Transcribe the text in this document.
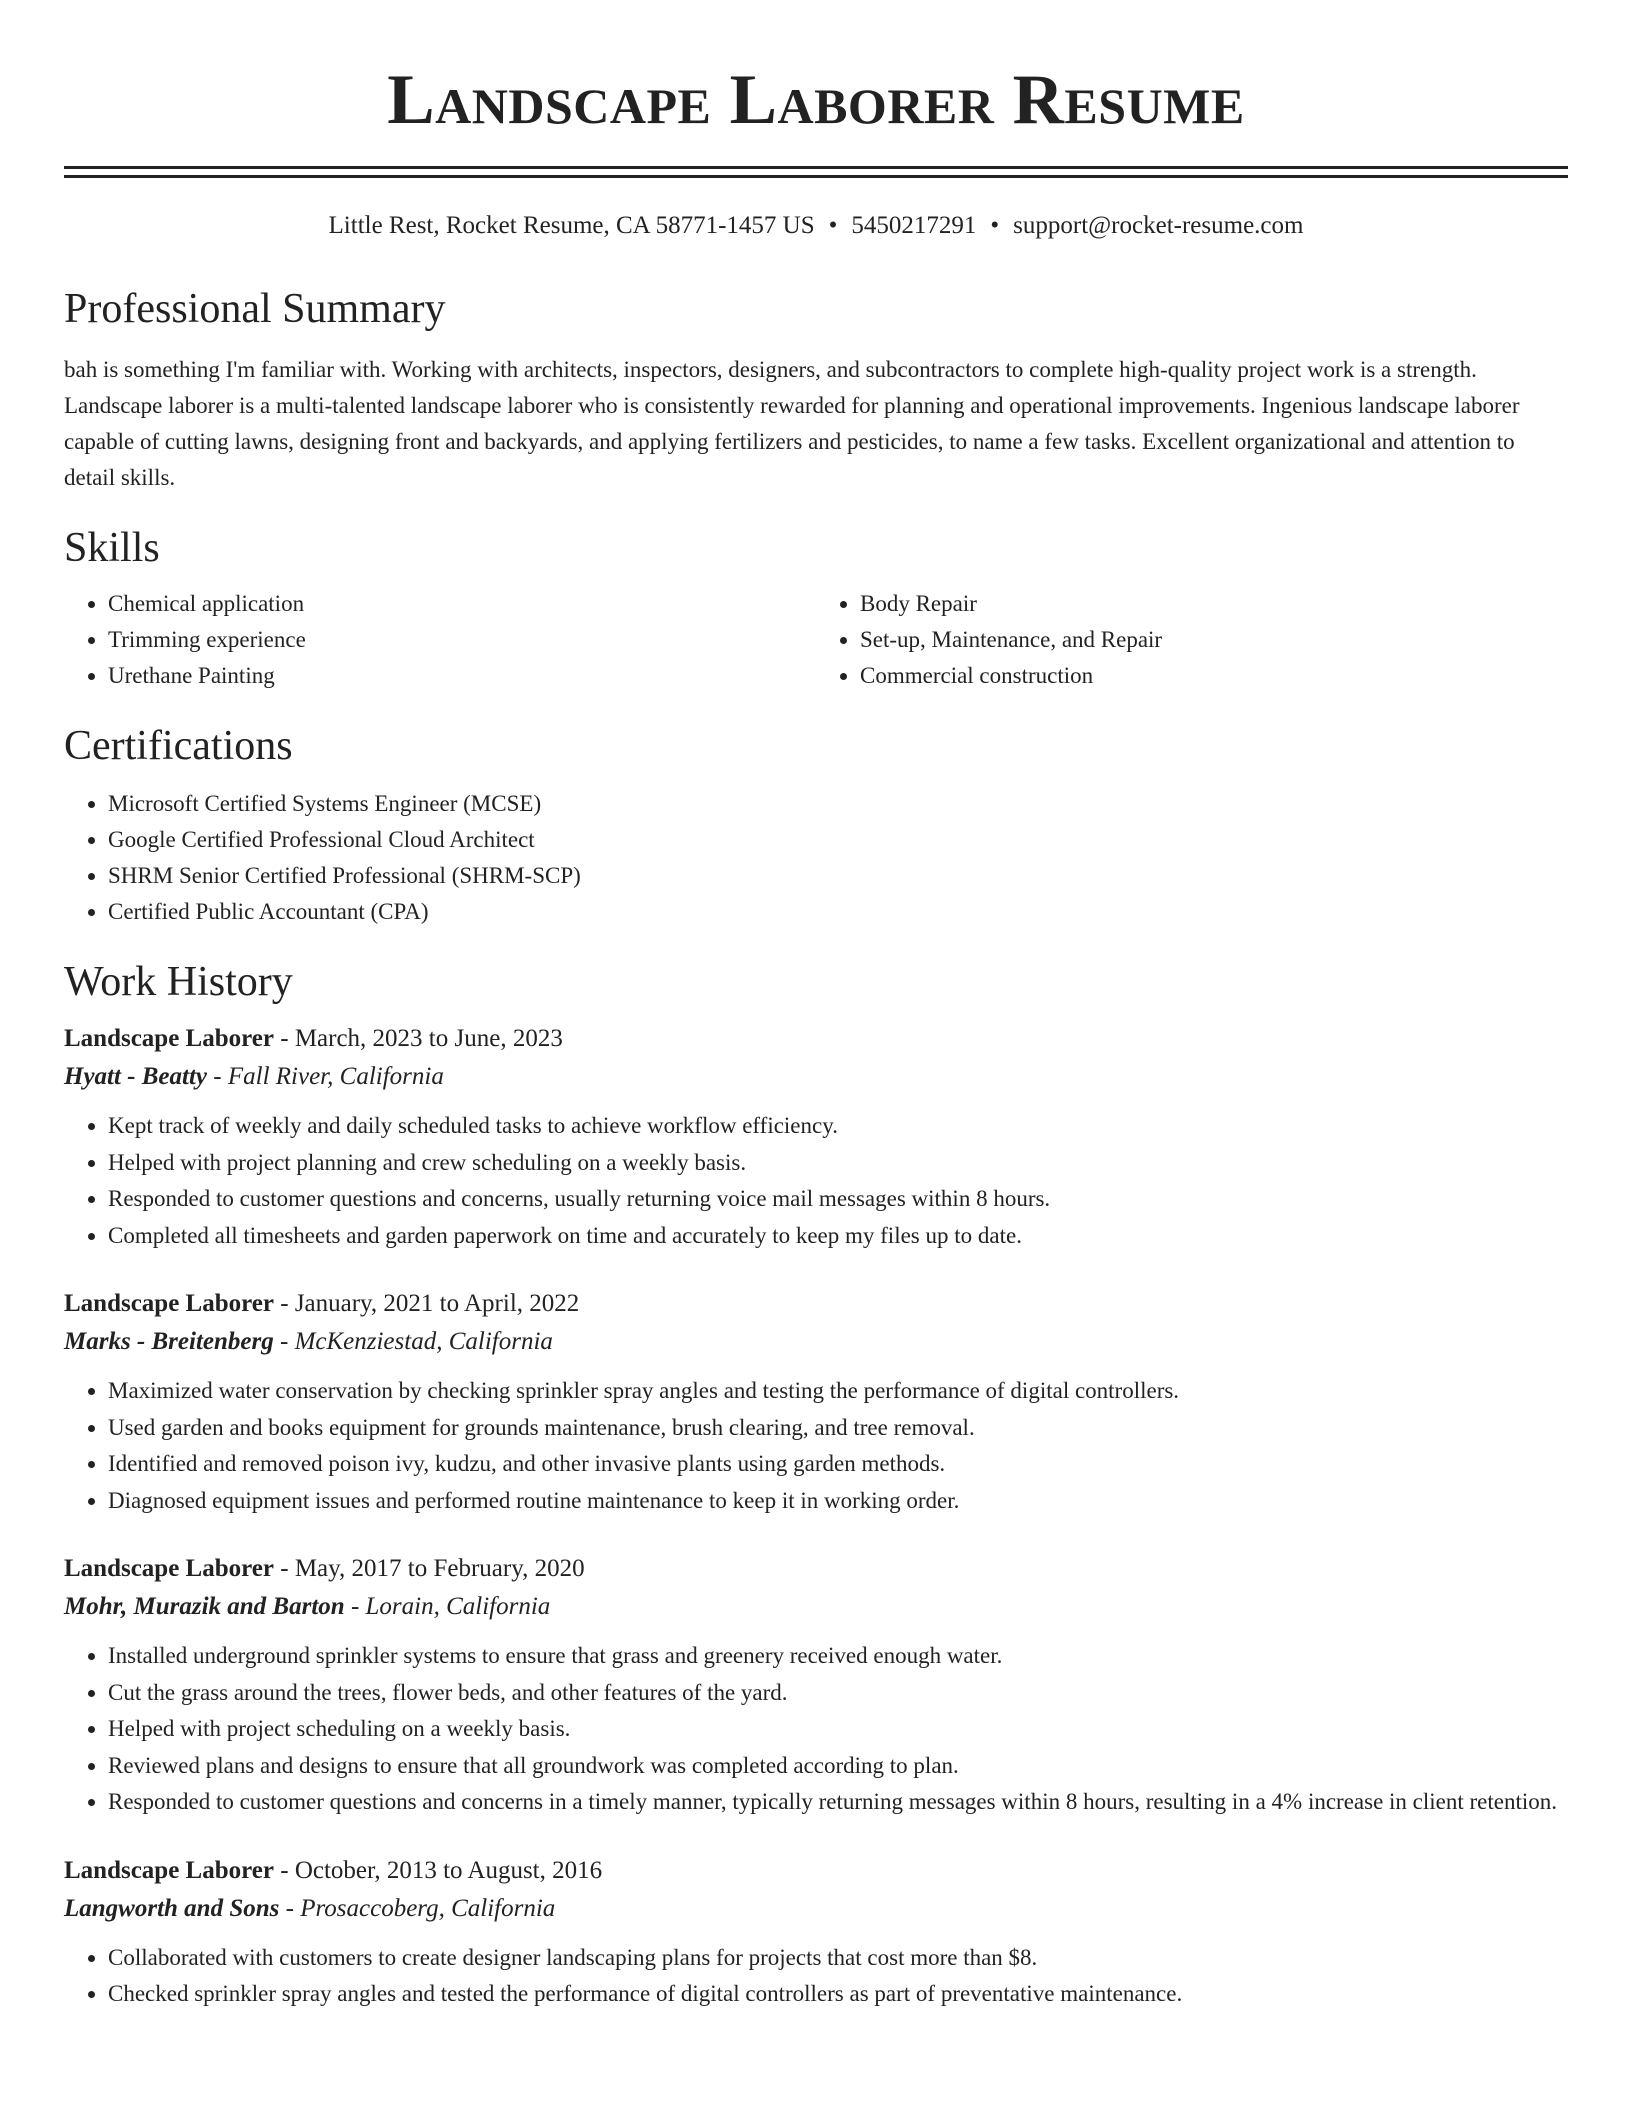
Landscape Laborer Resume
Little Rest, Rocket Resume, CA 58771-1457 US • 5450217291 • support@rocket-resume.com
Professional Summary

bah is something I'm familiar with. Working with architects, inspectors, designers, and subcontractors to complete high-quality project work is a strength. Landscape laborer is a multi-talented landscape laborer who is consistently rewarded for planning and operational improvements. Ingenious landscape laborer capable of cutting lawns, designing front and backyards, and applying fertilizers and pesticides, to name a few tasks. Excellent organizational and attention to detail skills.

Skills
• Chemical application
• Trimming experience
• Urethane Painting
• Body Repair
• Set-up, Maintenance, and Repair
• Commercial construction
Certifications
• Microsoft Certified Systems Engineer (MCSE)
• Google Certified Professional Cloud Architect
• SHRM Senior Certified Professional (SHRM-SCP)
• Certified Public Accountant (CPA)
Work History
Landscape Laborer - March, 2023 to June, 2023
Hyatt - Beatty - Fall River, California
• Kept track of weekly and daily scheduled tasks to achieve workflow efficiency.
• Helped with project planning and crew scheduling on a weekly basis.
• Responded to customer questions and concerns, usually returning voice mail messages within 8 hours.
• Completed all timesheets and garden paperwork on time and accurately to keep my files up to date.
Landscape Laborer - January, 2021 to April, 2022
Marks - Breitenberg - McKenziestad, California
• Maximized water conservation by checking sprinkler spray angles and testing the performance of digital controllers.
• Used garden and books equipment for grounds maintenance, brush clearing, and tree removal.
• Identified and removed poison ivy, kudzu, and other invasive plants using garden methods.
• Diagnosed equipment issues and performed routine maintenance to keep it in working order.
Landscape Laborer - May, 2017 to February, 2020
Mohr, Murazik and Barton - Lorain, California
• Installed underground sprinkler systems to ensure that grass and greenery received enough water.
• Cut the grass around the trees, flower beds, and other features of the yard.
• Helped with project scheduling on a weekly basis.
• Reviewed plans and designs to ensure that all groundwork was completed according to plan.
• Responded to customer questions and concerns in a timely manner, typically returning messages within 8 hours, resulting in a 4% increase in client retention.
Landscape Laborer - October, 2013 to August, 2016
Langworth and Sons - Prosaccoberg, California
• Collaborated with customers to create designer landscaping plans for projects that cost more than $8.
• Checked sprinkler spray angles and tested the performance of digital controllers as part of preventative maintenance.
